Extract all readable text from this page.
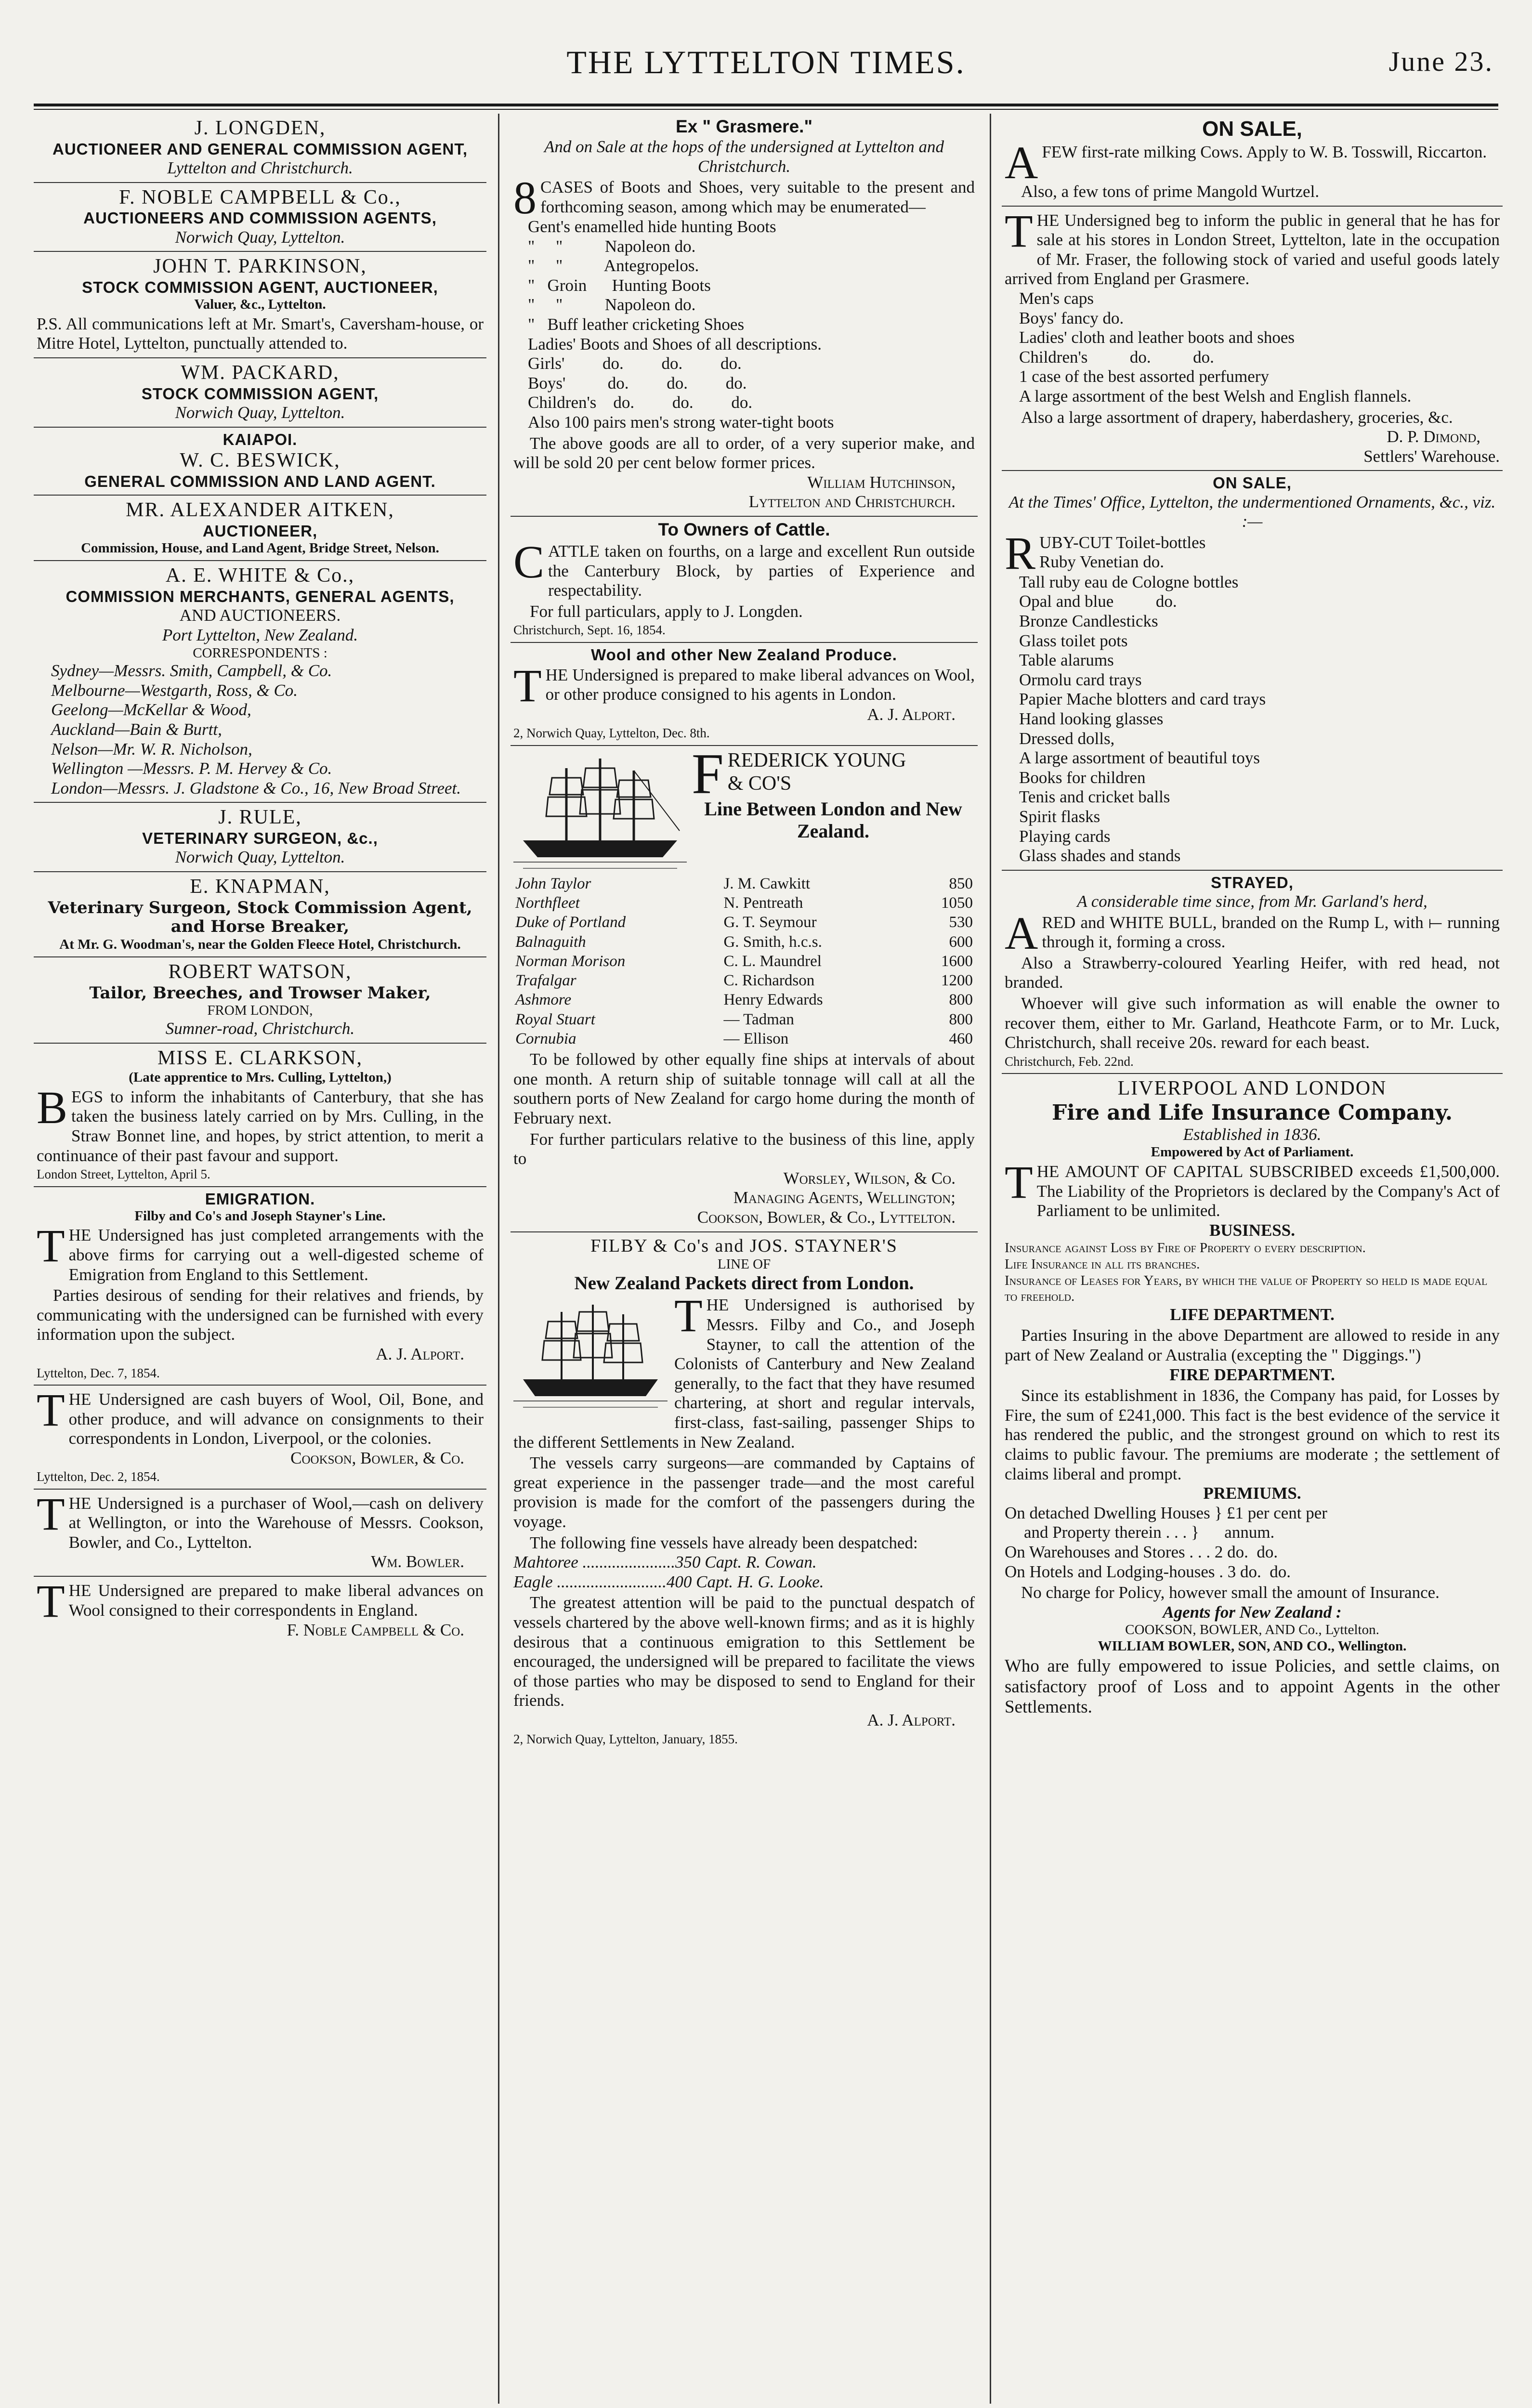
THE LYTTELTON TIMES.	June 23.
J. LONGDEN,
AUCTIONEER AND GENERAL COMMISSION AGENT,
Lyttelton and Christchurch.
F. NOBLE CAMPBELL & Co.,
AUCTIONEERS AND COMMISSION AGENTS,
Norwich Quay, Lyttelton.
JOHN T. PARKINSON,
STOCK COMMISSION AGENT, AUCTIONEER,
Valuer, &c., Lyttelton.
P.S. All communications left at Mr. Smart's, Caversham-house, or Mitre Hotel, Lyttelton, punctually attended to.
WM. PACKARD,
STOCK COMMISSION AGENT,
Norwich Quay, Lyttelton.
KAIAPOI.
W. C. BESWICK,
GENERAL COMMISSION AND LAND AGENT.
MR. ALEXANDER AITKEN,
AUCTIONEER,
Commission, House, and Land Agent, Bridge Street, Nelson.
A. E. WHITE & Co.,
COMMISSION MERCHANTS, GENERAL AGENTS,
AND AUCTIONEERS.
Port Lyttelton, New Zealand.
CORRESPONDENTS :
Sydney—Messrs. Smith, Campbell, & Co.
Melbourne—Westgarth, Ross, & Co.
Geelong—McKellar & Wood,
Auckland—Bain & Burtt,
Nelson—Mr. W. R. Nicholson,
Wellington —Messrs. P. M. Hervey & Co.
London—Messrs. J. Gladstone & Co., 16, New Broad Street.
J. RULE,
VETERINARY SURGEON, &c.,
Norwich Quay, Lyttelton.
E. KNAPMAN,
Veterinary Surgeon, Stock Commission Agent,
and Horse Breaker,
At Mr. G. Woodman's, near the Golden Fleece Hotel, Christchurch.
ROBERT WATSON,
Tailor, Breeches, and Trowser Maker,
FROM LONDON,
Sumner-road, Christchurch.
MISS E. CLARKSON,
(Late apprentice to Mrs. Culling, Lyttelton,)
BEGS to inform the inhabitants of Canterbury, that she has taken the business lately carried on by Mrs. Culling, in the Straw Bonnet line, and hopes, by strict attention, to merit a continuance of their past favour and support.
London Street, Lyttelton, April 5.
EMIGRATION.
Filby and Co's and Joseph Stayner's Line.
THE Undersigned has just completed arrangements with the above firms for carrying out a well-digested scheme of Emigration from England to this Settlement.
Parties desirous of sending for their relatives and friends, by communicating with the undersigned can be furnished with every information upon the subject.
A. J. Alport.
Lyttelton, Dec. 7, 1854.
THE Undersigned are cash buyers of Wool, Oil, Bone, and other produce, and will advance on consignments to their correspondents in London, Liverpool, or the colonies.
Cookson, Bowler, & Co.
Lyttelton, Dec. 2, 1854.
THE Undersigned is a purchaser of Wool,—cash on delivery at Wellington, or into the Warehouse of Messrs. Cookson, Bowler, and Co., Lyttelton.
Wm. Bowler.
THE Undersigned are prepared to make liberal advances on Wool consigned to their correspondents in England.
F. Noble Campbell & Co.
Ex " Grasmere."
And on Sale at the hops of the undersigned at Lyttelton and Christchurch.
8 CASES of Boots and Shoes, very suitable to the present and forthcoming season, among which may be enumerated—
Gent's enamelled hide hunting Boots
"     "          Napoleon do.
"     "          Antegropelos.
"   Groin      Hunting Boots
"     "          Napoleon do.
"   Buff leather cricketing Shoes
Ladies' Boots and Shoes of all descriptions.
Girls'         do.         do.         do.
Boys'          do.         do.         do.
Children's    do.         do.         do.
Also 100 pairs men's strong water-tight boots
The above goods are all to order, of a very superior make, and will be sold 20 per cent below former prices.
William Hutchinson,
Lyttelton and Christchurch.
To Owners of Cattle.
CATTLE taken on fourths, on a large and excellent Run outside the Canterbury Block, by parties of Experience and respectability.
For full particulars, apply to J. Longden.
Christchurch, Sept. 16, 1854.
Wool and other New Zealand Produce.
THE Undersigned is prepared to make liberal advances on Wool, or other produce consigned to his agents in London.
A. J. Alport.
2, Norwich Quay, Lyttelton, Dec. 8th.
FREDERICK YOUNG
& CO'S
Line Between London and New Zealand.
John Taylor	J. M. Cawkitt	850
Northfleet	N. Pentreath	1050
Duke of Portland	G. T. Seymour	530
Balnaguith	G. Smith, h.c.s.	600
Norman Morison	C. L. Maundrel	1600
Trafalgar	C. Richardson	1200
Ashmore	Henry Edwards	800
Royal Stuart	— Tadman	800
Cornubia	— Ellison	460
To be followed by other equally fine ships at intervals of about one month. A return ship of suitable tonnage will call at all the southern ports of New Zealand for cargo home during the month of February next.
For further particulars relative to the business of this line, apply to
Worsley, Wilson, & Co.
Managing Agents, Wellington;
Cookson, Bowler, & Co., Lyttelton.
FILBY & Co's and JOS. STAYNER'S
LINE OF
New Zealand Packets direct from London.
THE Undersigned is authorised by Messrs. Filby and Co., and Joseph Stayner, to call the attention of the Colonists of Canterbury and New Zealand generally, to the fact that they have resumed chartering, at short and regular intervals, first-class, fast-sailing, passenger Ships to the different Settlements in New Zealand.
The vessels carry surgeons—are commanded by Captains of great experience in the passenger trade—and the most careful provision is made for the comfort of the passengers during the voyage.
The following fine vessels have already been despatched:
Mahtoree ......................350 Capt. R. Cowan.
Eagle ..........................400 Capt. H. G. Looke.
The greatest attention will be paid to the punctual despatch of vessels chartered by the above well-known firms; and as it is highly desirous that a continuous emigration to this Settlement be encouraged, the undersigned will be prepared to facilitate the views of those parties who may be disposed to send to England for their friends.
A. J. Alport.
2, Norwich Quay, Lyttelton, January, 1855.
ON SALE,
AFEW first-rate milking Cows. Apply to W. B. Tosswill, Riccarton.
Also, a few tons of prime Mangold Wurtzel.
THE Undersigned beg to inform the public in general that he has for sale at his stores in London Street, Lyttelton, late in the occupation of Mr. Fraser, the following stock of varied and useful goods lately arrived from England per Grasmere.
Men's caps
Boys' fancy do.
Ladies' cloth and leather boots and shoes
Children's          do.          do.
1 case of the best assorted perfumery
A large assortment of the best Welsh and English flannels.
Also a large assortment of drapery, haberdashery, groceries, &c.
D. P. Dimond,
Settlers' Warehouse.
ON SALE,
At the Times' Office, Lyttelton, the undermentioned Ornaments, &c., viz. :—
RUBY-CUT Toilet-bottles
Ruby Venetian do.
Tall ruby eau de Cologne bottles
Opal and blue          do.
Bronze Candlesticks
Glass toilet pots
Table alarums
Ormolu card trays
Papier Mache blotters and card trays
Hand looking glasses
Dressed dolls,
A large assortment of beautiful toys
Books for children
Tenis and cricket balls
Spirit flasks
Playing cards
Glass shades and stands
STRAYED,
A considerable time since, from Mr. Garland's herd,
ARED and WHITE BULL, branded on the Rump L, with ⟝ running through it, forming a cross.
Also a Strawberry-coloured Yearling Heifer, with red head, not branded.
Whoever will give such information as will enable the owner to recover them, either to Mr. Garland, Heathcote Farm, or to Mr. Luck, Christchurch, shall receive 20s. reward for each beast.
Christchurch, Feb. 22nd.
LIVERPOOL AND LONDON
Fire and Life Insurance Company.
Established in 1836.
Empowered by Act of Parliament.
THE AMOUNT OF CAPITAL SUBSCRIBED exceeds £1,500,000. The Liability of the Proprietors is declared by the Company's Act of Parliament to be unlimited.
BUSINESS.
Insurance against Loss by Fire of Property o every description.
Life Insurance in all its branches.
Insurance of Leases for Years, by which the value of Property so held is made equal to freehold.
LIFE DEPARTMENT.
Parties Insuring in the above Department are allowed to reside in any part of New Zealand or Australia (excepting the " Diggings.")
FIRE DEPARTMENT.
Since its establishment in 1836, the Company has paid, for Losses by Fire, the sum of £241,000. This fact is the best evidence of the service it has rendered the public, and the strongest ground on which to rest its claims to public favour. The premiums are moderate ; the settlement of claims liberal and prompt.
PREMIUMS.
On detached Dwelling Houses } £1 per cent per
and Property therein . . . }      annum.
On Warehouses and Stores . . . 2 do.  do.
On Hotels and Lodging-houses . 3 do.  do.
No charge for Policy, however small the amount of Insurance.
Agents for New Zealand :
COOKSON, BOWLER, AND Co., Lyttelton.
WILLIAM BOWLER, SON, AND CO., Wellington.
Who are fully empowered to issue Policies, and settle claims, on satisfactory proof of Loss and to appoint Agents in the other Settlements.
